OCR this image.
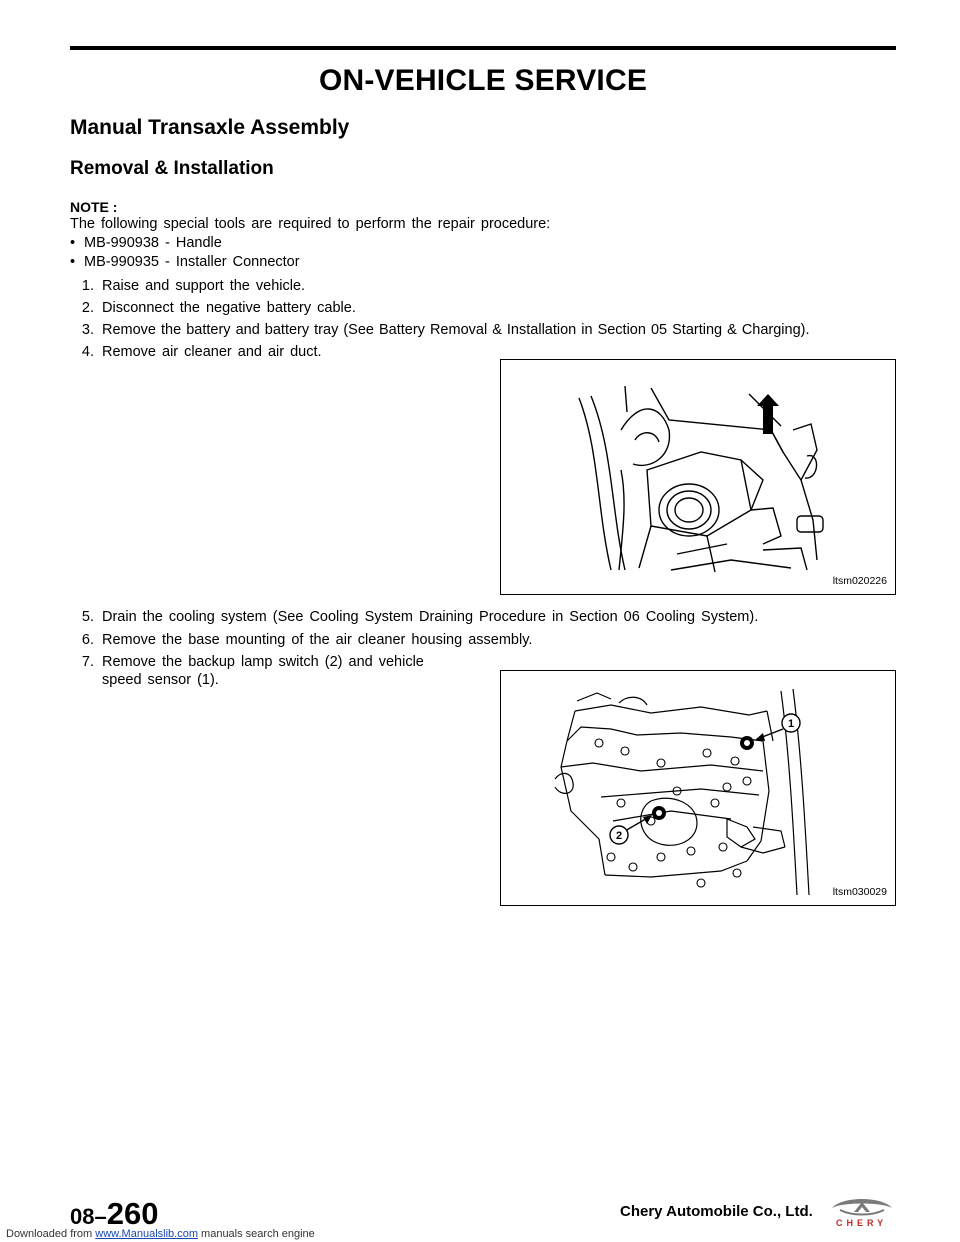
ON-VEHICLE SERVICE
Manual Transaxle Assembly
Removal & Installation
NOTE :
The following special tools are required to perform the repair procedure:
• MB-990938 - Handle
• MB-990935 - Installer Connector
1. Raise and support the vehicle.
2. Disconnect the negative battery cable.
3. Remove the battery and battery tray (See Battery Removal & Installation in Section 05 Starting & Charging).
4. Remove air cleaner and air duct.
ltsm020226
5. Drain the cooling system (See Cooling System Draining Procedure in Section 06 Cooling System).
6. Remove the base mounting of the air cleaner housing assembly.
7. Remove the backup lamp switch (2) and vehicle
speed sensor (1).
1
2
ltsm030029
08–260	Chery Automobile Co., Ltd.
CHERY
Downloaded from www.Manualslib.com manuals search engine
